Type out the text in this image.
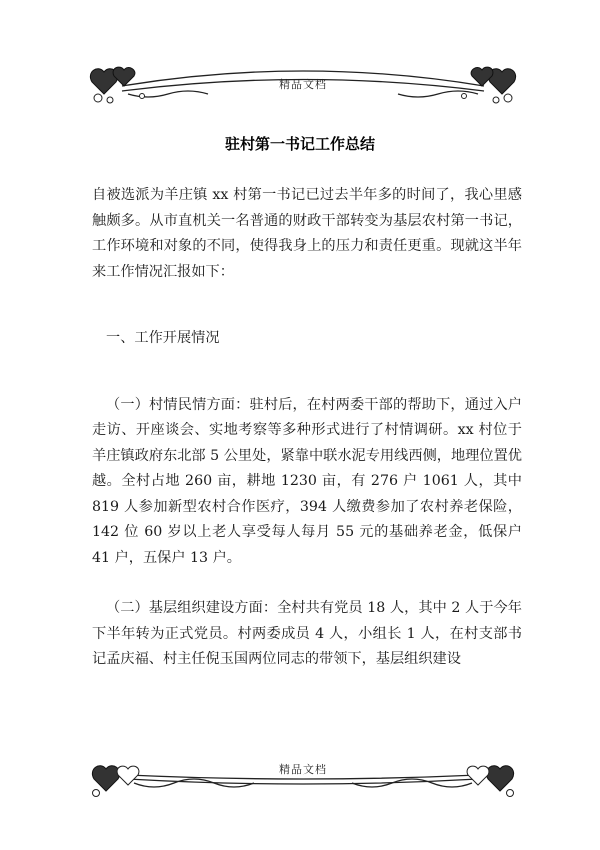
精品文档
驻村第一书记工作总结

自被选派为羊庄镇 xx 村第一书记已过去半年多的时间了，我心里感触颇多。从市直机关一名普通的财政干部转变为基层农村第一书记，工作环境和对象的不同，使得我身上的压力和责任更重。现就这半年来工作情况汇报如下：

一、工作开展情况

（一）村情民情方面：驻村后，在村两委干部的帮助下，通过入户走访、开座谈会、实地考察等多种形式进行了村情调研。xx 村位于羊庄镇政府东北部 5 公里处，紧靠中联水泥专用线西侧，地理位置优越。全村占地 260 亩，耕地 1230 亩，有 276 户 1061 人，其中 819 人参加新型农村合作医疗，394 人缴费参加了农村养老保险，142 位 60 岁以上老人享受每人每月 55 元的基础养老金，低保户 41 户，五保户 13 户。

（二）基层组织建设方面：全村共有党员 18 人，其中 2 人于今年下半年转为正式党员。村两委成员 4 人，小组长 1 人，在村支部书记孟庆福、村主任倪玉国两位同志的带领下，基层组织建设

精品文档
